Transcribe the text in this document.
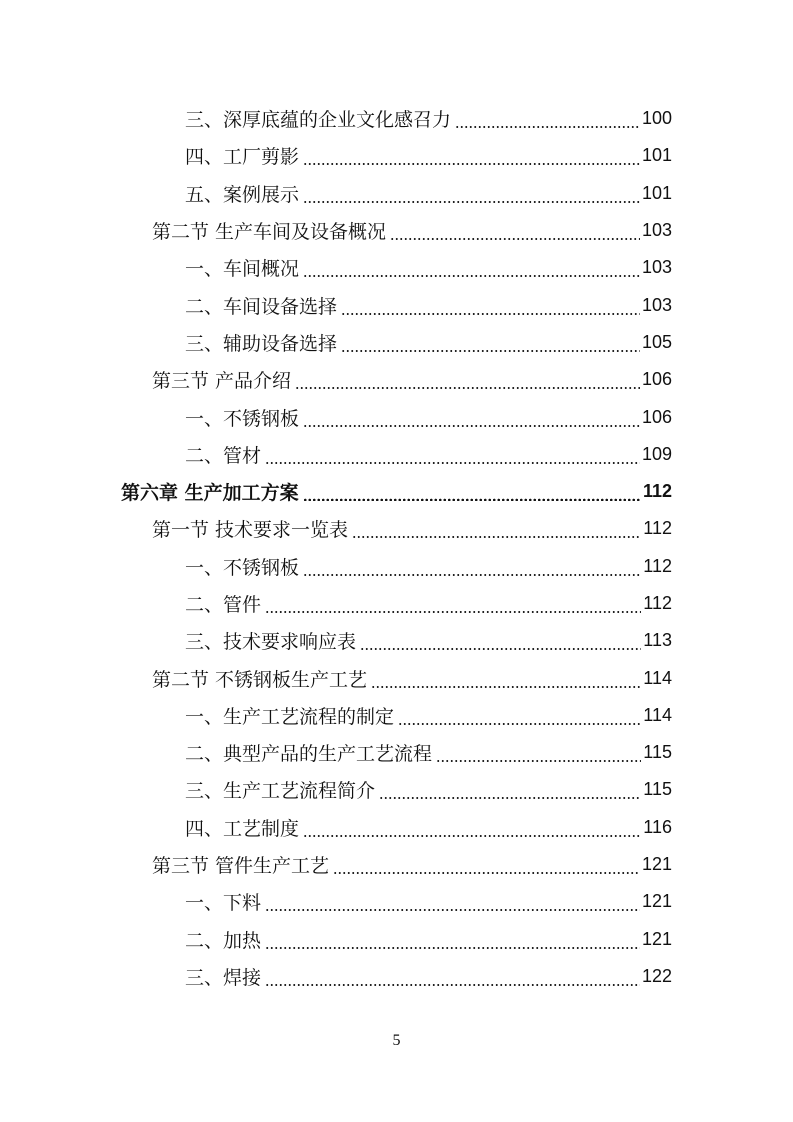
三、深厚底蕴的企业文化感召力	100
四、工厂剪影	101
五、案例展示	101
第二节 生产车间及设备概况	103
一、车间概况	103
二、车间设备选择	103
三、辅助设备选择	105
第三节 产品介绍	106
一、不锈钢板	106
二、管材	109
第六章 生产加工方案	112
第一节 技术要求一览表	112
一、不锈钢板	112
二、管件	112
三、技术要求响应表	113
第二节 不锈钢板生产工艺	114
一、生产工艺流程的制定	114
二、典型产品的生产工艺流程	115
三、生产工艺流程简介	115
四、工艺制度	116
第三节 管件生产工艺	121
一、下料	121
二、加热	121
三、焊接	122
5
